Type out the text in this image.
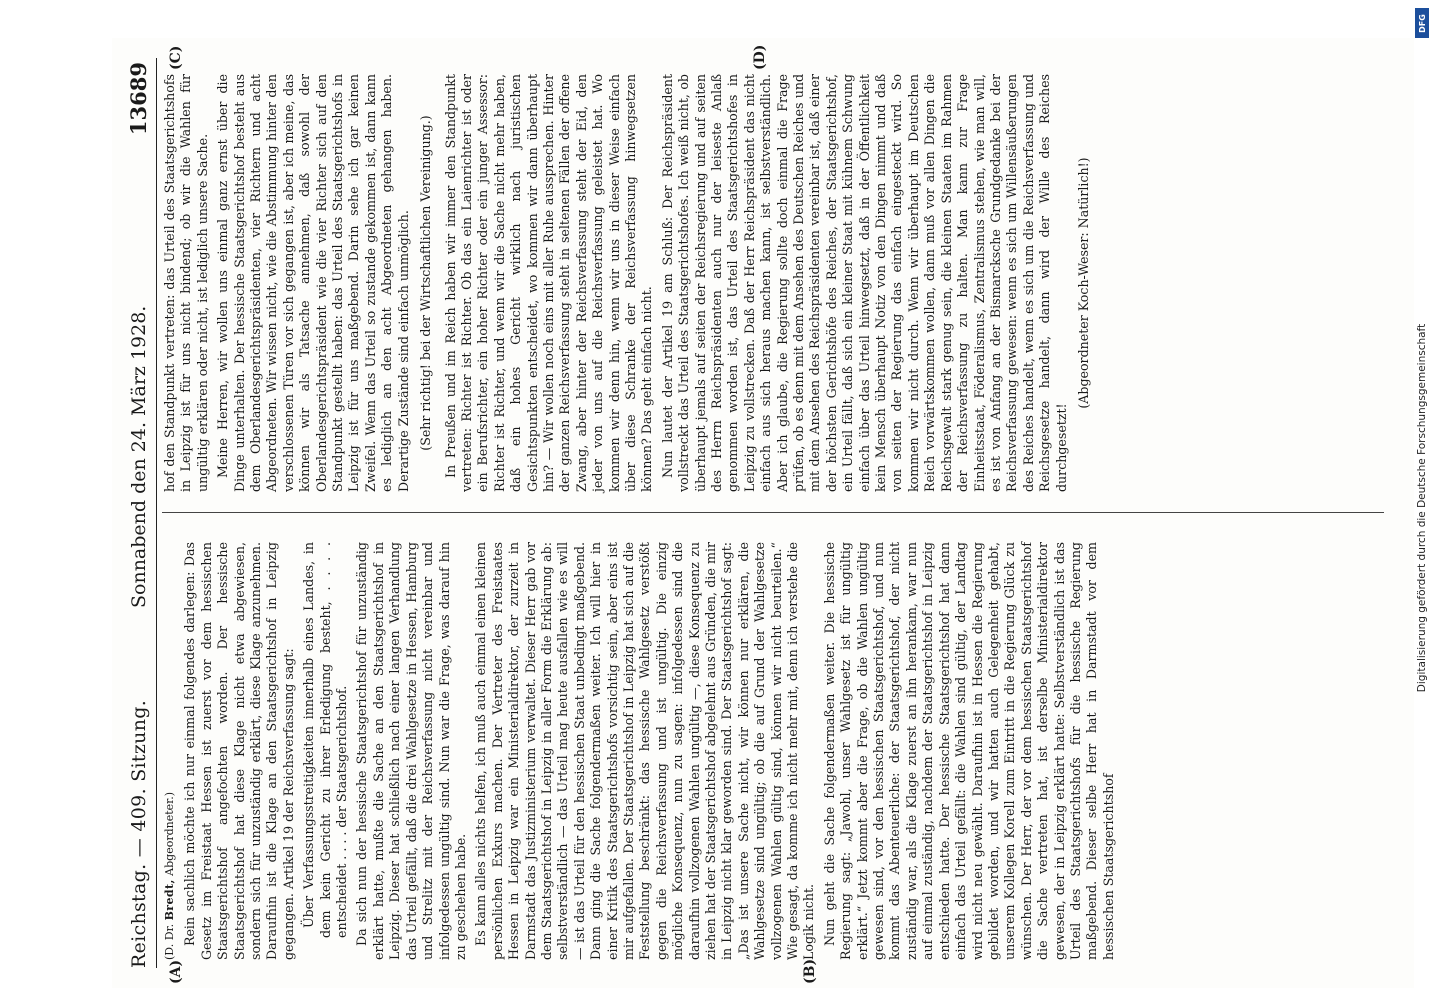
Reichstag. — 409. Sitzung.
Sonnabend den 24. März 1928.
13689
(A)	(B)
(C)	(D)

(D. Dr. Bredt, Abgeordneter.) Rein sachlich möchte ich nur einmal folgendes darlegen: Das Gesetz im Freistaat Hessen ist zuerst vor dem hessischen Staatsgerichtshof angefochten worden. Der hessische Staatsgerichtshof hat diese Klage nicht etwa abgewiesen, sondern sich für unzuständig erklärt, diese Klage anzunehmen. Daraufhin ist die Klage an den Staatsgerichtshof in Leipzig gegangen. Artikel 19 der Reichsverfassung sagt: Über Verfassungsstreitigkeiten innerhalb eines Landes, in dem kein Gericht zu ihrer Erledigung besteht, . . . . entscheidet . . . . der Staatsgerichtshof. Da sich nun der hessische Staatsgerichtshof für unzuständig erklärt hatte, mußte die Sache an den Staatsgerichtshof in Leipzig. Dieser hat schließlich nach einer langen Verhandlung das Urteil gefällt, daß die drei Wahlgesetze in Hessen, Hamburg und Strelitz mit der Reichsverfassung nicht vereinbar und infolgedessen ungültig sind. Nun war die Frage, was darauf hin zu geschehen habe. Es kann alles nichts helfen, ich muß auch einmal einen kleinen persönlichen Exkurs machen. Der Vertreter des Freistaates Hessen in Leipzig war ein Ministerialdirektor, der zurzeit in Darmstadt das Justizministerium verwaltet. Dieser Herr gab vor dem Staatsgerichtshof in Leipzig in aller Form die Erklärung ab: selbstverständlich — das Urteil mag heute ausfallen wie es will — ist das Urteil für den hessischen Staat unbedingt maßgebend. Dann ging die Sache folgendermaßen weiter. Ich will hier in einer Kritik des Staatsgerichtshofs vorsichtig sein, aber eins ist mir aufgefallen. Der Staatsgerichtshof in Leipzig hat sich auf die Feststellung beschränkt: das hessische Wahlgesetz verstößt gegen die Reichsverfassung und ist ungültig. Die einzig mögliche Konsequenz, nun zu sagen: infolgedessen sind die daraufhin vollzogenen Wahlen ungültig —, diese Konsequenz zu ziehen hat der Staatsgerichtshof abgelehnt aus Gründen, die mir in Leipzig nicht klar geworden sind. Der Staatsgerichtshof sagt: „Das ist unsere Sache nicht, wir können nur erklären, die Wahlgesetze sind ungültig; ob die auf Grund der Wahlgesetze vollzogenen Wahlen gültig sind, können wir nicht beurteilen.“ Wie gesagt, da komme ich nicht mehr mit, denn ich verstehe die Logik nicht. Nun geht die Sache folgendermaßen weiter. Die hessische Regierung sagt: „Jawohl, unser Wahlgesetz ist für ungültig erklärt.“ Jetzt kommt aber die Frage, ob die Wahlen ungültig gewesen sind, vor den hessischen Staatsgerichtshof, und nun kommt das Abenteuerliche: der Staatsgerichtshof, der nicht zuständig war, als die Klage zuerst an ihn herankam, war nun auf einmal zuständig, nachdem der Staatsgerichtshof in Leipzig entschieden hatte. Der hessische Staatsgerichtshof hat dann einfach das Urteil gefällt: die Wahlen sind gültig, der Landtag wird nicht neu gewählt. Daraufhin ist in Hessen die Regierung gebildet worden, und wir hatten auch Gelegenheit gehabt, unserem Kollegen Korell zum Eintritt in die Regierung Glück zu wünschen. Der Herr, der vor dem hessischen Staatsgerichtshof die Sache vertreten hat, ist derselbe Ministerialdirektor gewesen, der in Leipzig erklärt hatte: Selbstverständlich ist das Urteil des Staatsgerichtshofs für die hessische Regierung maßgebend. Dieser selbe Herr hat in Darmstadt vor dem hessischen Staatsgerichtshof

hof den Standpunkt vertreten: das Urteil des Staatsgerichtshofs in Leipzig ist für uns nicht bindend; ob wir die Wahlen für ungültig erklären oder nicht, ist lediglich unsere Sache. Meine Herren, wir wollen uns einmal ganz ernst über die Dinge unterhalten. Der hessische Staatsgerichtshof besteht aus dem Oberlandesgerichtspräsidenten, vier Richtern und acht Abgeordneten. Wir wissen nicht, wie die Abstimmung hinter den verschlossenen Türen vor sich gegangen ist, aber ich meine, das können wir als Tatsache annehmen, daß sowohl der Oberlandesgerichtspräsident wie die vier Richter sich auf den Standpunkt gestellt haben: das Urteil des Staatsgerichtshofs in Leipzig ist für uns maßgebend. Darin sehe ich gar keinen Zweifel. Wenn das Urteil so zustande gekommen ist, dann kann es lediglich an den acht Abgeordneten gehangen haben. Derartige Zustände sind einfach unmöglich. (Sehr richtig! bei der Wirtschaftlichen Vereinigung.) In Preußen und im Reich haben wir immer den Standpunkt vertreten: Richter ist Richter. Ob das ein Laienrichter ist oder ein Berufsrichter, ein hoher Richter oder ein junger Assessor: Richter ist Richter, und wenn wir die Sache nicht mehr haben, daß ein hohes Gericht wirklich nach juristischen Gesichtspunkten entscheidet, wo kommen wir dann überhaupt hin? — Wir wollen noch eins mit aller Ruhe aussprechen. Hinter der ganzen Reichsverfassung steht in seltenen Fällen der offene Zwang, aber hinter der Reichsverfassung steht der Eid, den jeder von uns auf die Reichsverfassung geleistet hat. Wo kommen wir denn hin, wenn wir uns in dieser Weise einfach über diese Schranke der Reichsverfassung hinwegsetzen können? Das geht einfach nicht. Nun lautet der Artikel 19 am Schluß: Der Reichspräsident vollstreckt das Urteil des Staatsgerichtshofes. Ich weiß nicht, ob überhaupt jemals auf seiten der Reichsregierung und auf seiten des Herrn Reichspräsidenten auch nur der leiseste Anlaß genommen worden ist, das Urteil des Staatsgerichtshofes in Leipzig zu vollstrecken. Daß der Herr Reichspräsident das nicht einfach aus sich heraus machen kann, ist selbstverständlich. Aber ich glaube, die Regierung sollte doch einmal die Frage prüfen, ob es denn mit dem Ansehen des Deutschen Reiches und mit dem Ansehen des Reichspräsidenten vereinbar ist, daß einer der höchsten Gerichtshöfe des Reiches, der Staatsgerichtshof, ein Urteil fällt, daß sich ein kleiner Staat mit kühnem Schwung einfach über das Urteil hinwegsetzt, daß in der Öffentlichkeit kein Mensch überhaupt Notiz von den Dingen nimmt und daß von seiten der Regierung das einfach eingesteckt wird. So kommen wir nicht durch. Wenn wir überhaupt im Deutschen Reich vorwärtskommen wollen, dann muß vor allen Dingen die Reichsgewalt stark genug sein, die kleinen Staaten im Rahmen der Reichsverfassung zu halten. Man kann zur Frage Einheitsstaat, Föderalismus, Zentralismus stehen, wie man will, es ist von Anfang an der Bismarcksche Grundgedanke bei der Reichsverfassung gewesen: wenn es sich um Willensäußerungen des Reiches handelt, wenn es sich um die Reichsverfassung und Reichsgesetze handelt, dann wird der Wille des Reiches durchgesetzt!

(Abgeordneter Koch-Weser: Natürlich!)

DFG
Digitalisierung gefördert durch die Deutsche Forschungsgemeinschaft
